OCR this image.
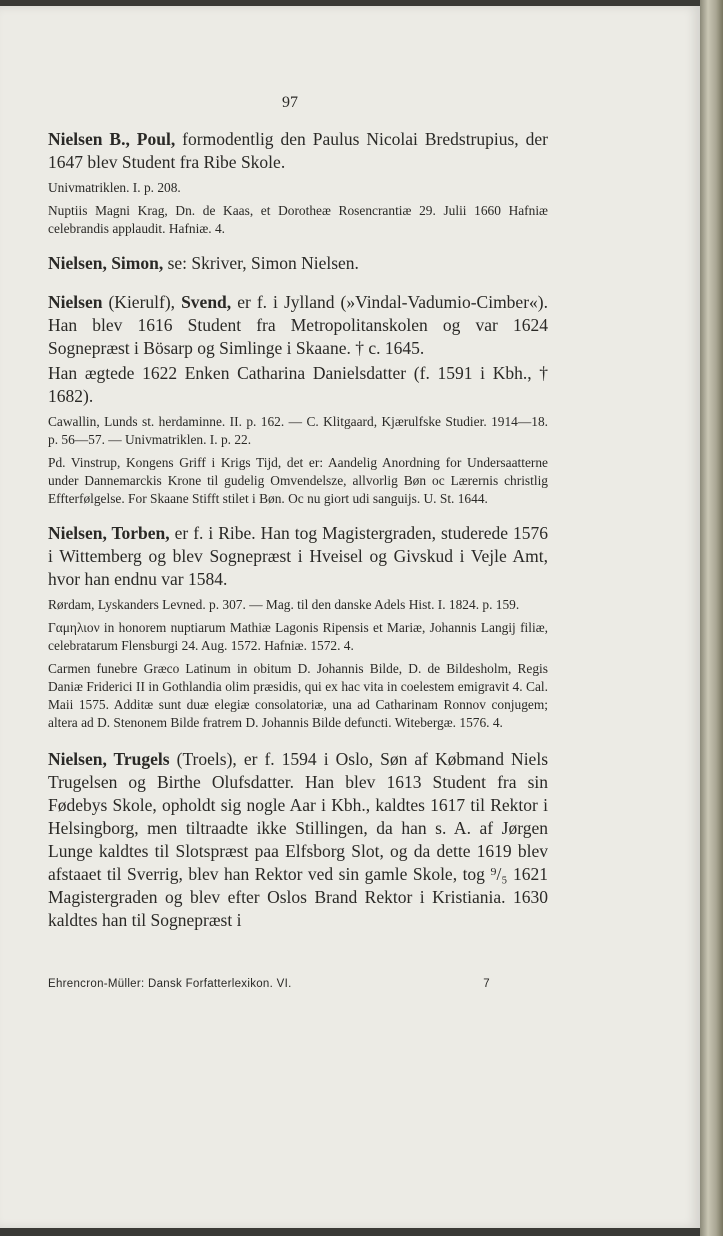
97

Nielsen B., Poul, formodentlig den Paulus Nicolai Bredstrupius, der 1647 blev Student fra Ribe Skole.

Univmatriklen. I. p. 208.

Nuptiis Magni Krag, Dn. de Kaas, et Dorotheæ Rosencrantiæ 29. Julii 1660 Hafniæ celebrandis applaudit. Hafniæ. 4.

Nielsen, Simon, se: Skriver, Simon Nielsen.

Nielsen (Kierulf), Svend, er f. i Jylland (»Vindal-Vadumio-Cimber«). Han blev 1616 Student fra Metropolitanskolen og var 1624 Sognepræst i Bösarp og Simlinge i Skaane. † c. 1645.

Han ægtede 1622 Enken Catharina Danielsdatter (f. 1591 i Kbh., † 1682).

Cawallin, Lunds st. herdaminne. II. p. 162. — C. Klitgaard, Kjærulfske Studier. 1914—18. p. 56—57. — Univmatriklen. I. p. 22.

Pd. Vinstrup, Kongens Griff i Krigs Tijd, det er: Aandelig Anordning for Undersaatterne under Dannemarckis Krone til gudelig Omvendelsze, allvorlig Bøn oc Lærernis christlig Effterfølgelse. For Skaane Stifft stilet i Bøn. Oc nu giort udi sanguijs. U. St. 1644.

Nielsen, Torben, er f. i Ribe. Han tog Magistergraden, studerede 1576 i Wittemberg og blev Sognepræst i Hveisel og Givskud i Vejle Amt, hvor han endnu var 1584.

Rørdam, Lyskanders Levned. p. 307. — Mag. til den danske Adels Hist. I. 1824. p. 159.

Γαμηλιον in honorem nuptiarum Mathiæ Lagonis Ripensis et Mariæ, Johannis Langij filiæ, celebratarum Flensburgi 24. Aug. 1572. Hafniæ. 1572. 4.

Carmen funebre Græco Latinum in obitum D. Johannis Bilde, D. de Bildesholm, Regis Daniæ Friderici II in Gothlandia olim præsidis, qui ex hac vita in coelestem emigravit 4. Cal. Maii 1575. Additæ sunt duæ elegiæ consolatoriæ, una ad Catharinam Ronnov conjugem; altera ad D. Stenonem Bilde fratrem D. Johannis Bilde defuncti. Witebergæ. 1576. 4.

Nielsen, Trugels (Troels), er f. 1594 i Oslo, Søn af Købmand Niels Trugelsen og Birthe Olufsdatter. Han blev 1613 Student fra sin Fødebys Skole, opholdt sig nogle Aar i Kbh., kaldtes 1617 til Rektor i Helsingborg, men tiltraadte ikke Stillingen, da han s. A. af Jørgen Lunge kaldtes til Slotspræst paa Elfsborg Slot, og da dette 1619 blev afstaaet til Sverrig, blev han Rektor ved sin gamle Skole, tog ⁹/₅ 1621 Magistergraden og blev efter Oslos Brand Rektor i Kristiania. 1630 kaldtes han til Sognepræst i

Ehrencron-Müller: Dansk Forfatterlexikon. VI.	7
